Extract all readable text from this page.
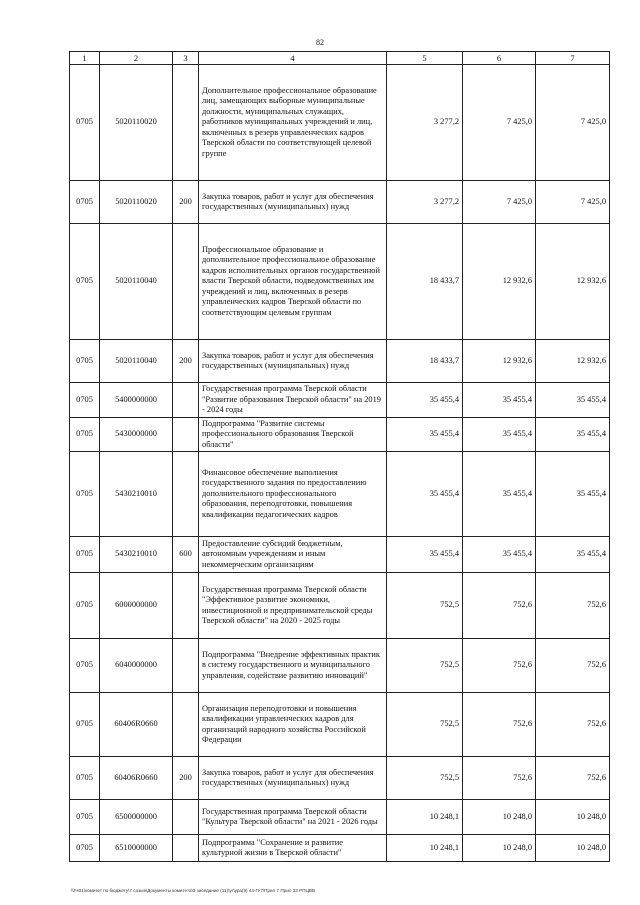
82
1	2	3	4	5	6	7
0705	5020110020		Дополнительное профессиональное образование лиц, замещающих выборные муниципальные должности, муниципальных служащих, работников муниципальных учреждений и лиц, включенных в резерв управленческих кадров Тверской области по соответствующей целевой группе	3 277,2	7 425,0	7 425,0
0705	5020110020	200	Закупка товаров, работ и услуг для обеспечения государственных (муниципальных) нужд	3 277,2	7 425,0	7 425,0
0705	5020110040		Профессиональное образование и дополнительное профессиональное образование кадров исполнительных органов государственной власти Тверской области, подведомственных им учреждений и лиц, включенных в резерв управленческих кадров Тверской области по соответствующим целевым группам	18 433,7	12 932,6	12 932,6
0705	5020110040	200	Закупка товаров, работ и услуг для обеспечения государственных (муниципальных) нужд	18 433,7	12 932,6	12 932,6
0705	5400000000		Государственная программа Тверской области "Развитие образования Тверской области" на 2019 - 2024 годы	35 455,4	35 455,4	35 455,4
0705	5430000000		Подпрограмма "Развитие системы профессионального образования Тверской области"	35 455,4	35 455,4	35 455,4
0705	5430210010		Финансовое обеспечение выполнения государственного задания по предоставлению дополнительного профессионального образования, переподготовки, повышения квалификации педагогических кадров	35 455,4	35 455,4	35 455,4
0705	5430210010	600	Предоставление субсидий бюджетным, автономным учреждениям и иным некоммерческим организациям	35 455,4	35 455,4	35 455,4
0705	6000000000		Государственная программа Тверской области "Эффективное развитие экономики, инвестиционной и предпринимательской среды Тверской области" на 2020 - 2025 годы	752,5	752,6	752,6
0705	6040000000		Подпрограмма "Внедрение эффективных практик в систему государственного и муниципального управления, содействие развитию инноваций"	752,5	752,6	752,6
0705	60406R0660		Организация переподготовки и повышения квалификации управленческих кадров для организаций народного хозяйства Российской Федерации	752,5	752,6	752,6
0705	60406R0660	200	Закупка товаров, работ и услуг для обеспечения государственных (муниципальных) нужд	752,5	752,6	752,6
0705	6500000000		Государственная программа Тверской области "Культура Тверской области" на 2021 - 2026 годы	10 248,1	10 248,0	10 248,0
0705	6510000000		Подпрограмма "Сохранение и развитие культурной жизни в Тверской области"	10 248,1	10 248,0	10 248,0
\\Fs01\комитет по бюджету\7 созыв\Документы комитета\3 заседание (11)\уг\ура(9) 44-П-7\Прил 7 Прил 33 РПЦВВ
